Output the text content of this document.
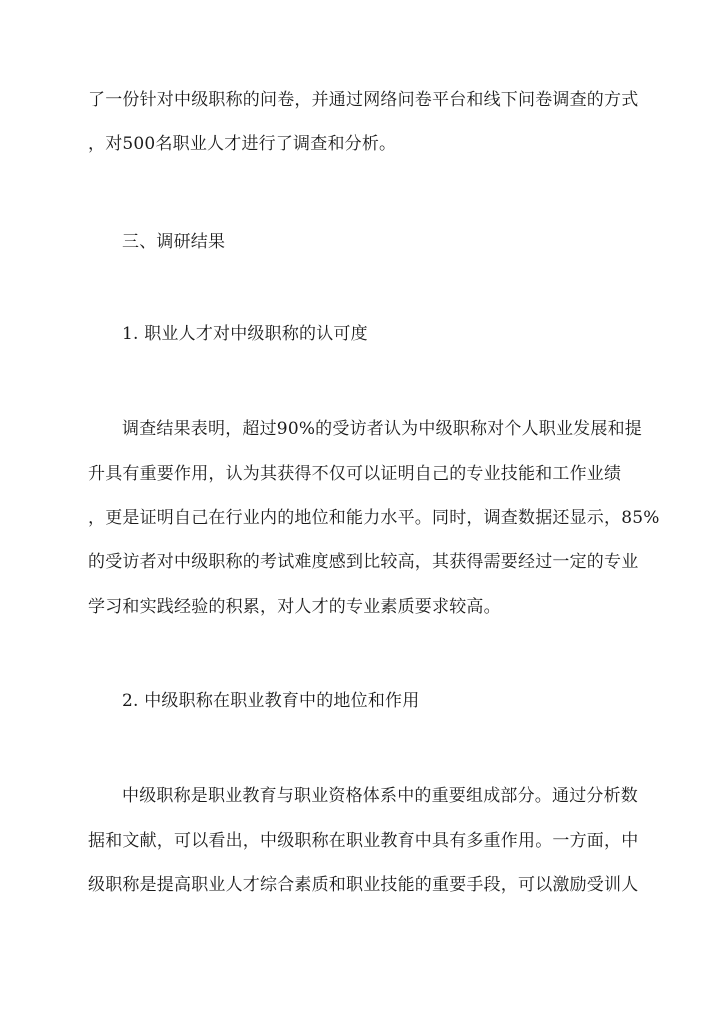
了一份针对中级职称的问卷，并通过网络问卷平台和线下问卷调查的方式
，对500名职业人才进行了调查和分析。
三、调研结果
1. 职业人才对中级职称的认可度
调查结果表明，超过90%的受访者认为中级职称对个人职业发展和提
升具有重要作用，认为其获得不仅可以证明自己的专业技能和工作业绩
，更是证明自己在行业内的地位和能力水平。同时，调查数据还显示，85%
的受访者对中级职称的考试难度感到比较高，其获得需要经过一定的专业
学习和实践经验的积累，对人才的专业素质要求较高。
2. 中级职称在职业教育中的地位和作用
中级职称是职业教育与职业资格体系中的重要组成部分。通过分析数
据和文献，可以看出，中级职称在职业教育中具有多重作用。一方面，中
级职称是提高职业人才综合素质和职业技能的重要手段，可以激励受训人
